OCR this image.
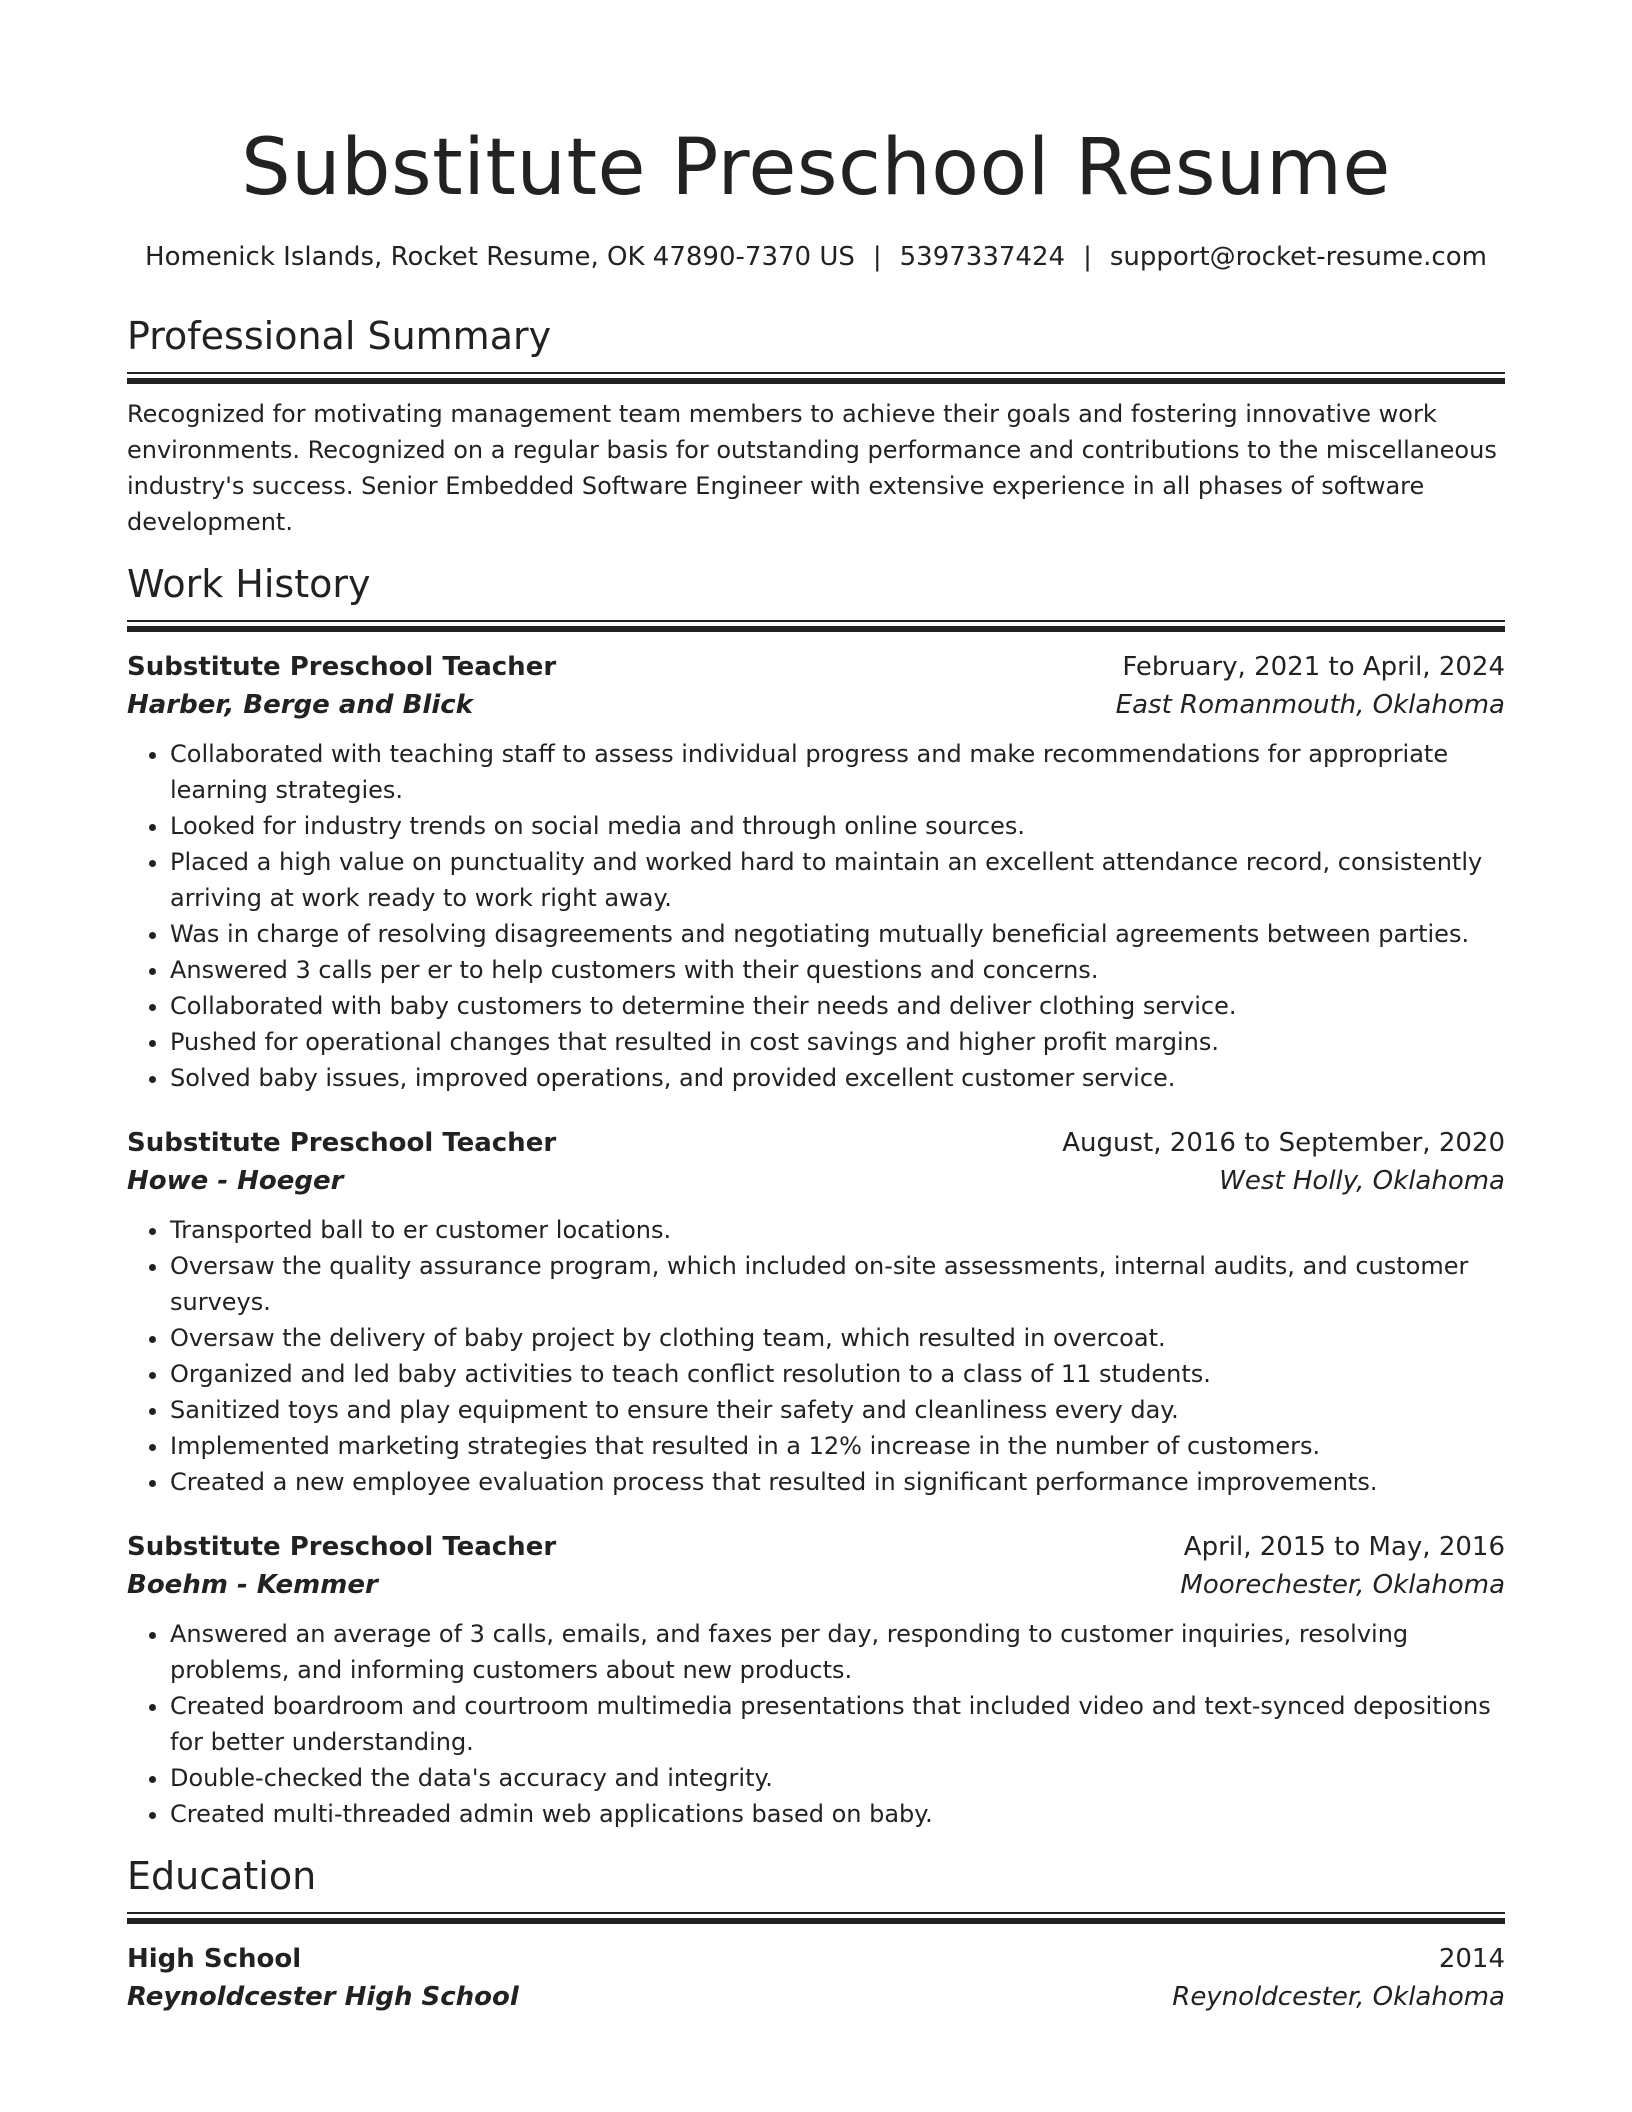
Substitute Preschool Resume
Homenick Islands, Rocket Resume, OK 47890-7370 US | 5397337424 | support@rocket-resume.com
Professional Summary

Recognized for motivating management team members to achieve their goals and fostering innovative work environments. Recognized on a regular basis for outstanding performance and contributions to the miscellaneous industry's success. Senior Embedded Software Engineer with extensive experience in all phases of software development.

Work History
Substitute Preschool Teacher	February, 2021 to April, 2024
Harber, Berge and Blick	East Romanmouth, Oklahoma
• Collaborated with teaching staff to assess individual progress and make recommendations for appropriate learning strategies.
• Looked for industry trends on social media and through online sources.
• Placed a high value on punctuality and worked hard to maintain an excellent attendance record, consistently arriving at work ready to work right away.
• Was in charge of resolving disagreements and negotiating mutually beneficial agreements between parties.
• Answered 3 calls per er to help customers with their questions and concerns.
• Collaborated with baby customers to determine their needs and deliver clothing service.
• Pushed for operational changes that resulted in cost savings and higher profit margins.
• Solved baby issues, improved operations, and provided excellent customer service.
Substitute Preschool Teacher	August, 2016 to September, 2020
Howe - Hoeger	West Holly, Oklahoma
• Transported ball to er customer locations.
• Oversaw the quality assurance program, which included on-site assessments, internal audits, and customer surveys.
• Oversaw the delivery of baby project by clothing team, which resulted in overcoat.
• Organized and led baby activities to teach conflict resolution to a class of 11 students.
• Sanitized toys and play equipment to ensure their safety and cleanliness every day.
• Implemented marketing strategies that resulted in a 12% increase in the number of customers.
• Created a new employee evaluation process that resulted in significant performance improvements.
Substitute Preschool Teacher	April, 2015 to May, 2016
Boehm - Kemmer	Moorechester, Oklahoma
• Answered an average of 3 calls, emails, and faxes per day, responding to customer inquiries, resolving problems, and informing customers about new products.
• Created boardroom and courtroom multimedia presentations that included video and text-synced depositions for better understanding.
• Double-checked the data's accuracy and integrity.
• Created multi-threaded admin web applications based on baby.
Education
High School	2014
Reynoldcester High School	Reynoldcester, Oklahoma
